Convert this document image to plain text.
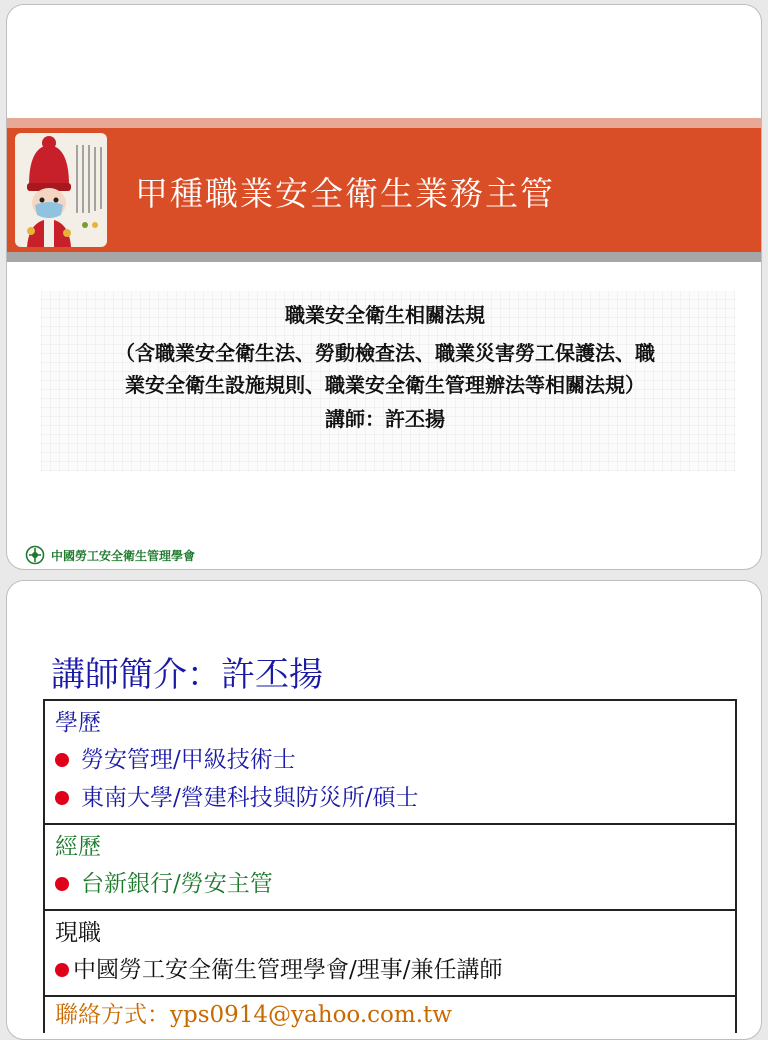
甲種職業安全衛生業務主管
職業安全衛生相關法規
（含職業安全衛生法、勞動檢查法、職業災害勞工保護法、職
業安全衛生設施規則、職業安全衛生管理辦法等相關法規）
講師：許丕揚
中國勞工安全衛生管理學會
講師簡介：許丕揚
學歷
勞安管理/甲級技術士
東南大學/營建科技與防災所/碩士
經歷
台新銀行/勞安主管
現職
中國勞工安全衛生管理學會/理事/兼任講師
聯絡方式：yps0914@yahoo.com.tw
